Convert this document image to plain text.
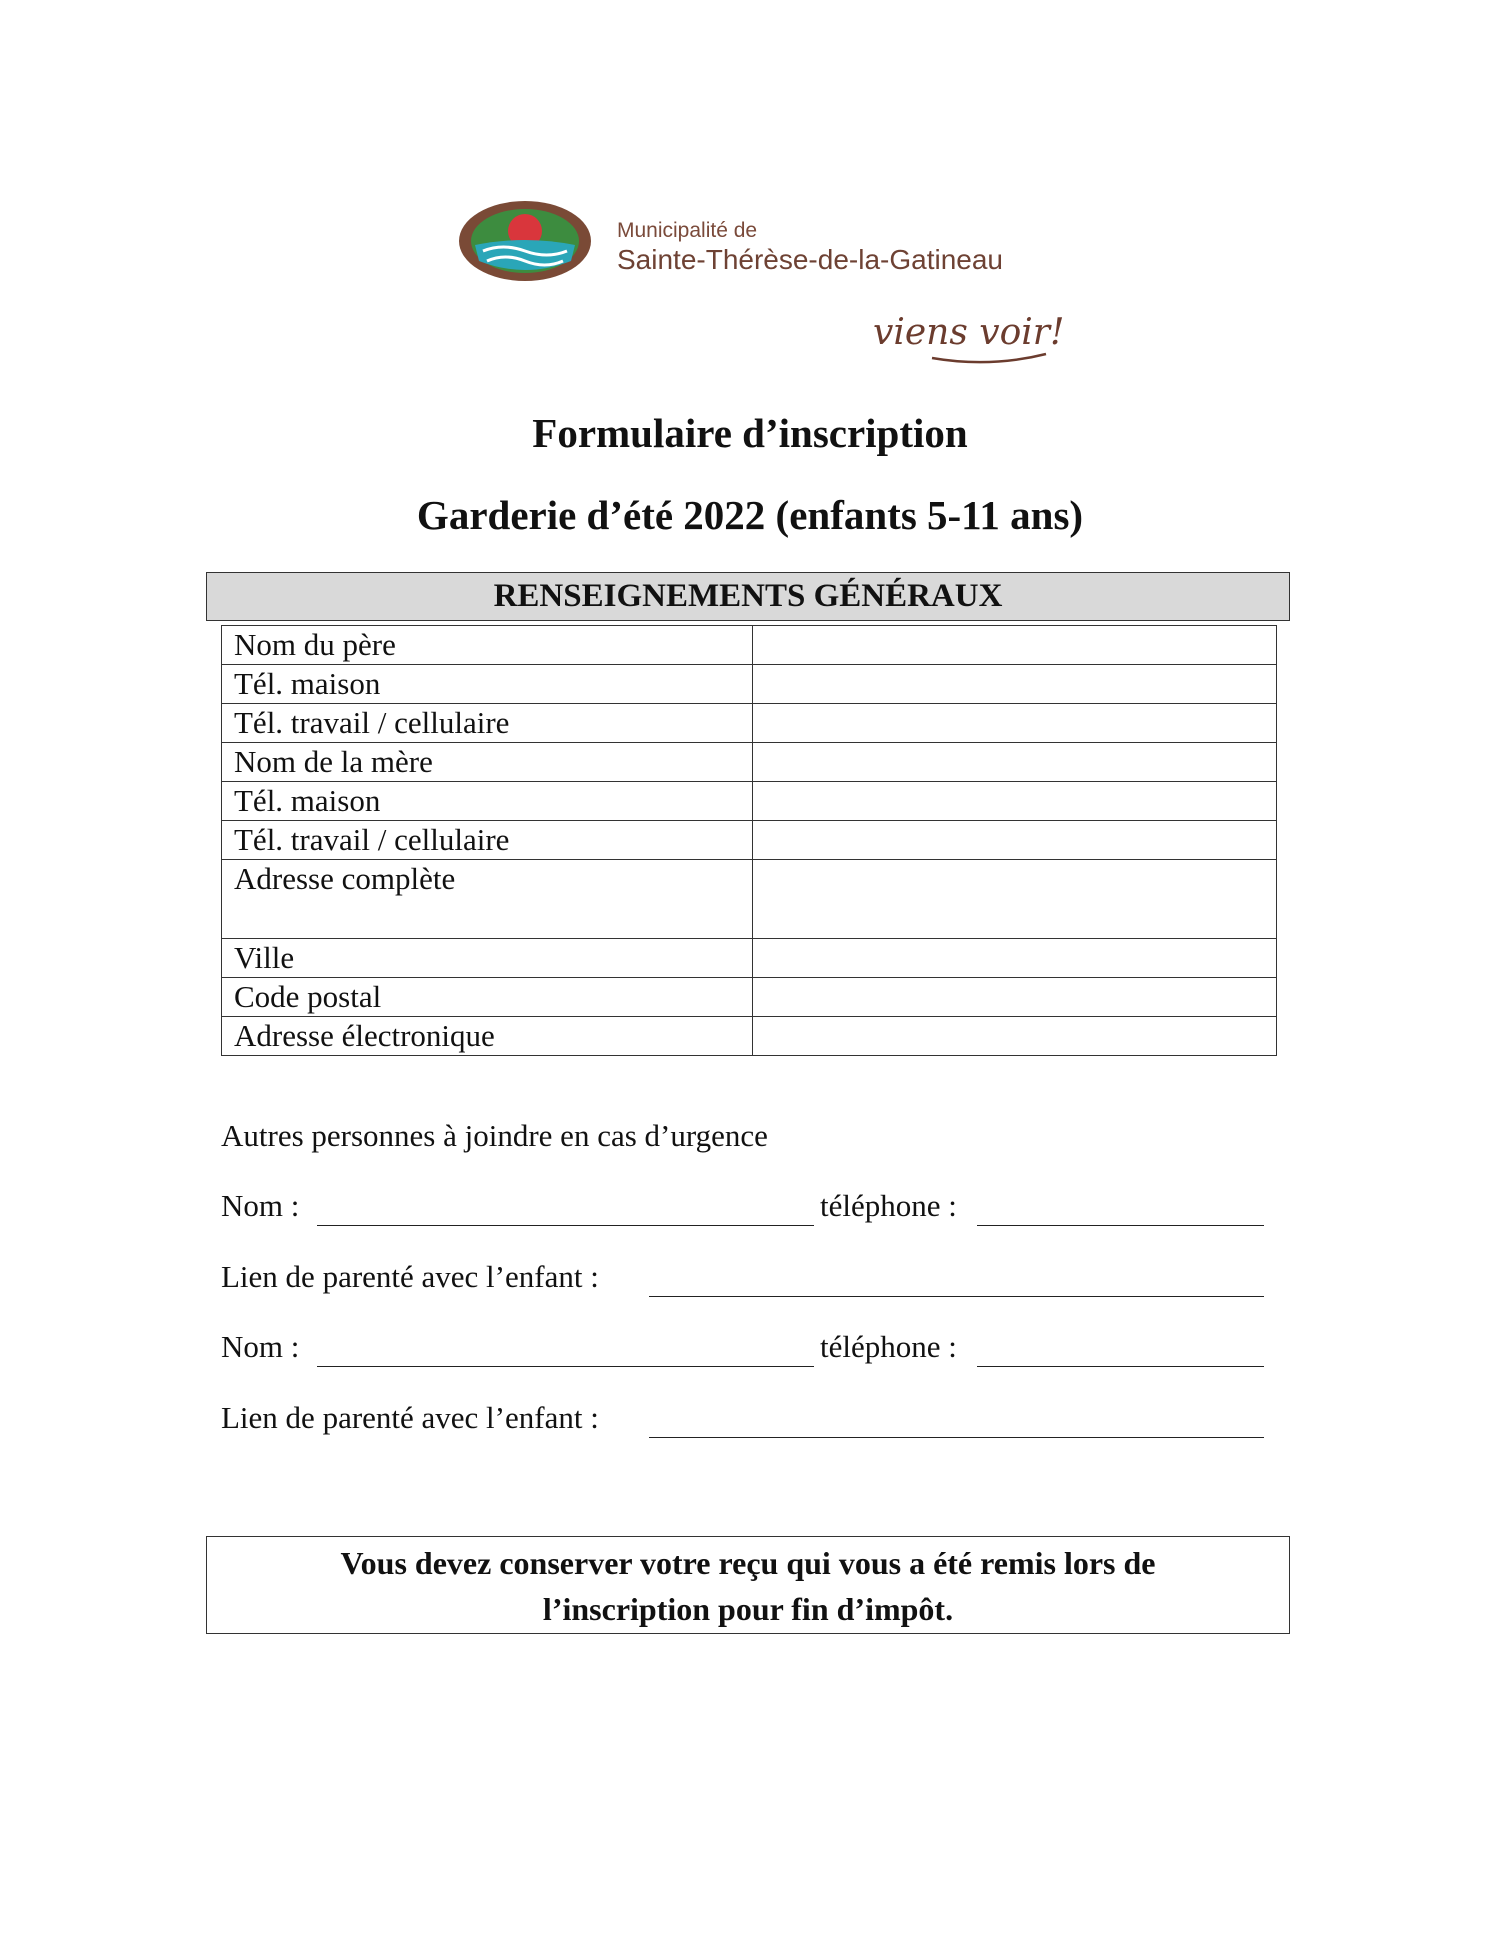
Municipalité de
Sainte-Thérèse-de-la-Gatineau
viens voir!
Formulaire d’inscription
Garderie d’été 2022 (enfants 5-11 ans)
RENSEIGNEMENTS GÉNÉRAUX
Nom du père	
Tél. maison	
Tél. travail / cellulaire	
Nom de la mère	
Tél. maison	
Tél. travail / cellulaire	
Adresse complète	
Ville	
Code postal	
Adresse électronique	
Autres personnes à joindre en cas d’urgence
Nom :	téléphone :
Lien de parenté avec l’enfant :
Nom :	téléphone :
Lien de parenté avec l’enfant :
Vous devez conserver votre reçu qui vous a été remis lors de
l’inscription pour fin d’impôt.
